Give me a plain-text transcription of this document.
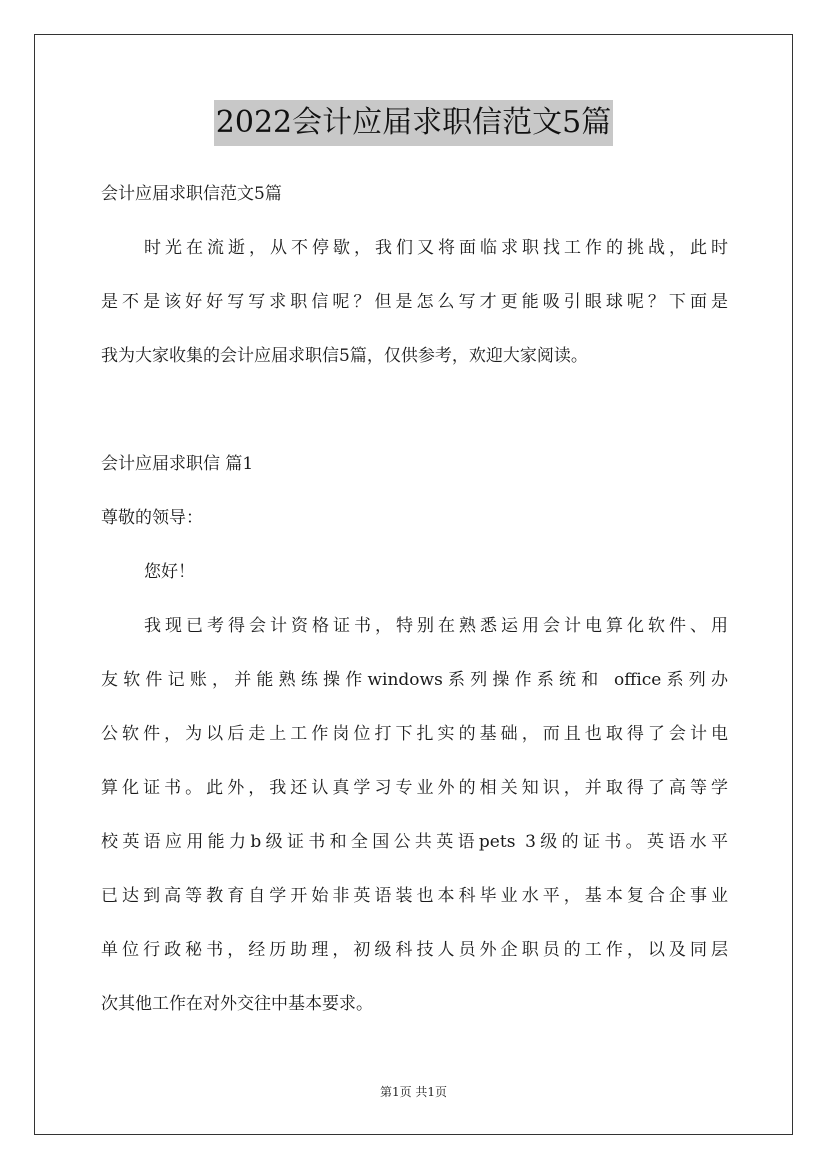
2022会计应届求职信范文5篇
会计应届求职信范文5篇
时光在流逝，从不停歇，我们又将面临求职找工作的挑战，此时
是不是该好好写写求职信呢？但是怎么写才更能吸引眼球呢？下面是
我为大家收集的会计应届求职信5篇，仅供参考，欢迎大家阅读。
会计应届求职信 篇1
尊敬的领导：
您好！
我现已考得会计资格证书，特别在熟悉运用会计电算化软件、用
友软件记账，并能熟练操作windows系列操作系统和 office系列办
公软件，为以后走上工作岗位打下扎实的基础，而且也取得了会计电
算化证书。此外，我还认真学习专业外的相关知识，并取得了高等学
校英语应用能力b级证书和全国公共英语pets 3级的证书。英语水平
已达到高等教育自学开始非英语装也本科毕业水平，基本复合企事业
单位行政秘书，经历助理，初级科技人员外企职员的工作，以及同层
次其他工作在对外交往中基本要求。
第1页 共1页
